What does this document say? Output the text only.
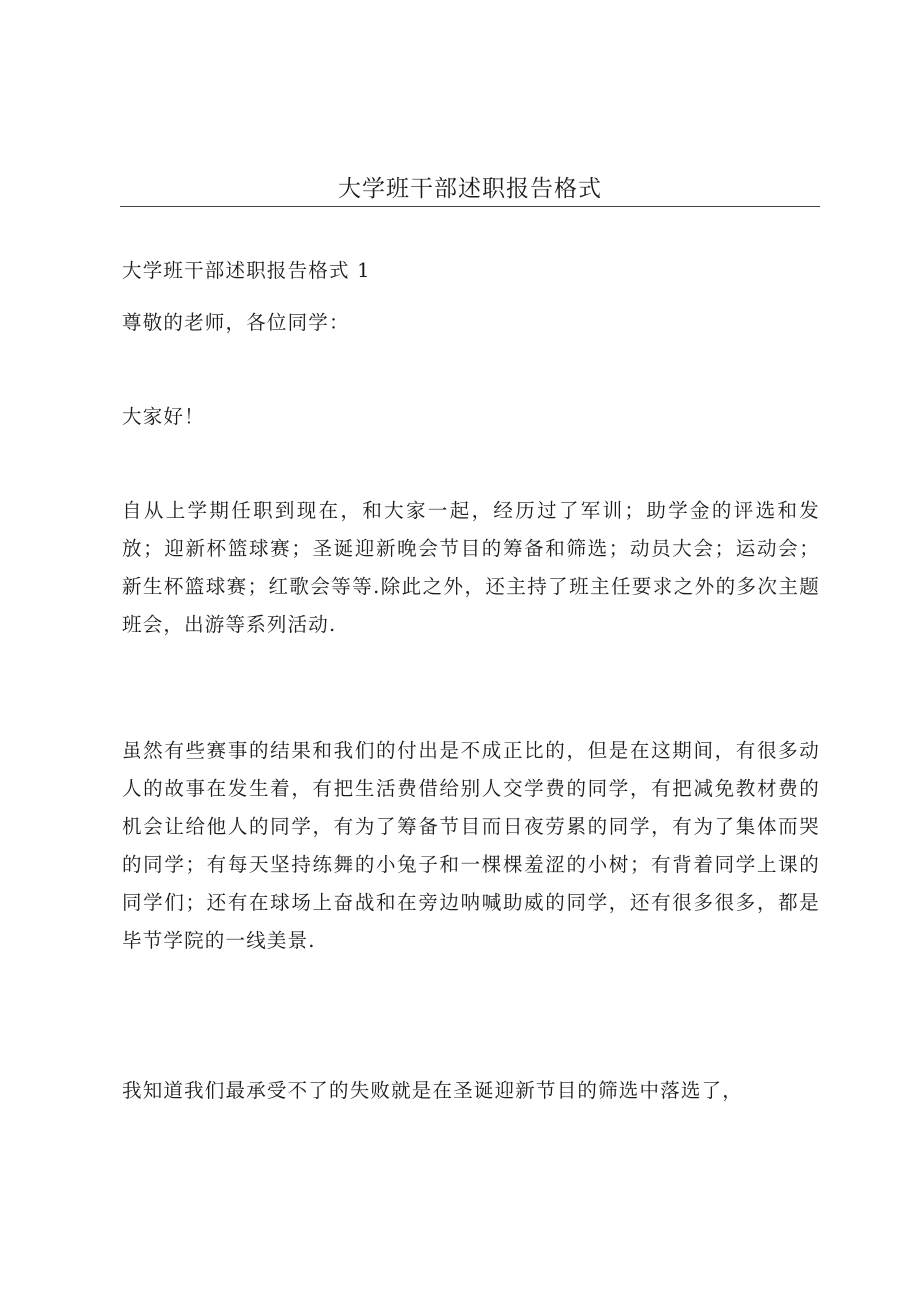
大学班干部述职报告格式

大学班干部述职报告格式 1

尊敬的老师，各位同学：

大家好！

自从上学期任职到现在，和大家一起，经历过了军训；助学金的评选和发放；迎新杯篮球赛；圣诞迎新晚会节目的筹备和筛选；动员大会；运动会；新生杯篮球赛；红歌会等等.除此之外，还主持了班主任要求之外的多次主题班会，出游等系列活动.

虽然有些赛事的结果和我们的付出是不成正比的，但是在这期间，有很多动人的故事在发生着，有把生活费借给别人交学费的同学，有把减免教材费的机会让给他人的同学，有为了筹备节目而日夜劳累的同学，有为了集体而哭的同学；有每天坚持练舞的小兔子和一棵棵羞涩的小树；有背着同学上课的同学们；还有在球场上奋战和在旁边呐喊助威的同学，还有很多很多，都是毕节学院的一线美景.

我知道我们最承受不了的失败就是在圣诞迎新节目的筛选中落选了，
